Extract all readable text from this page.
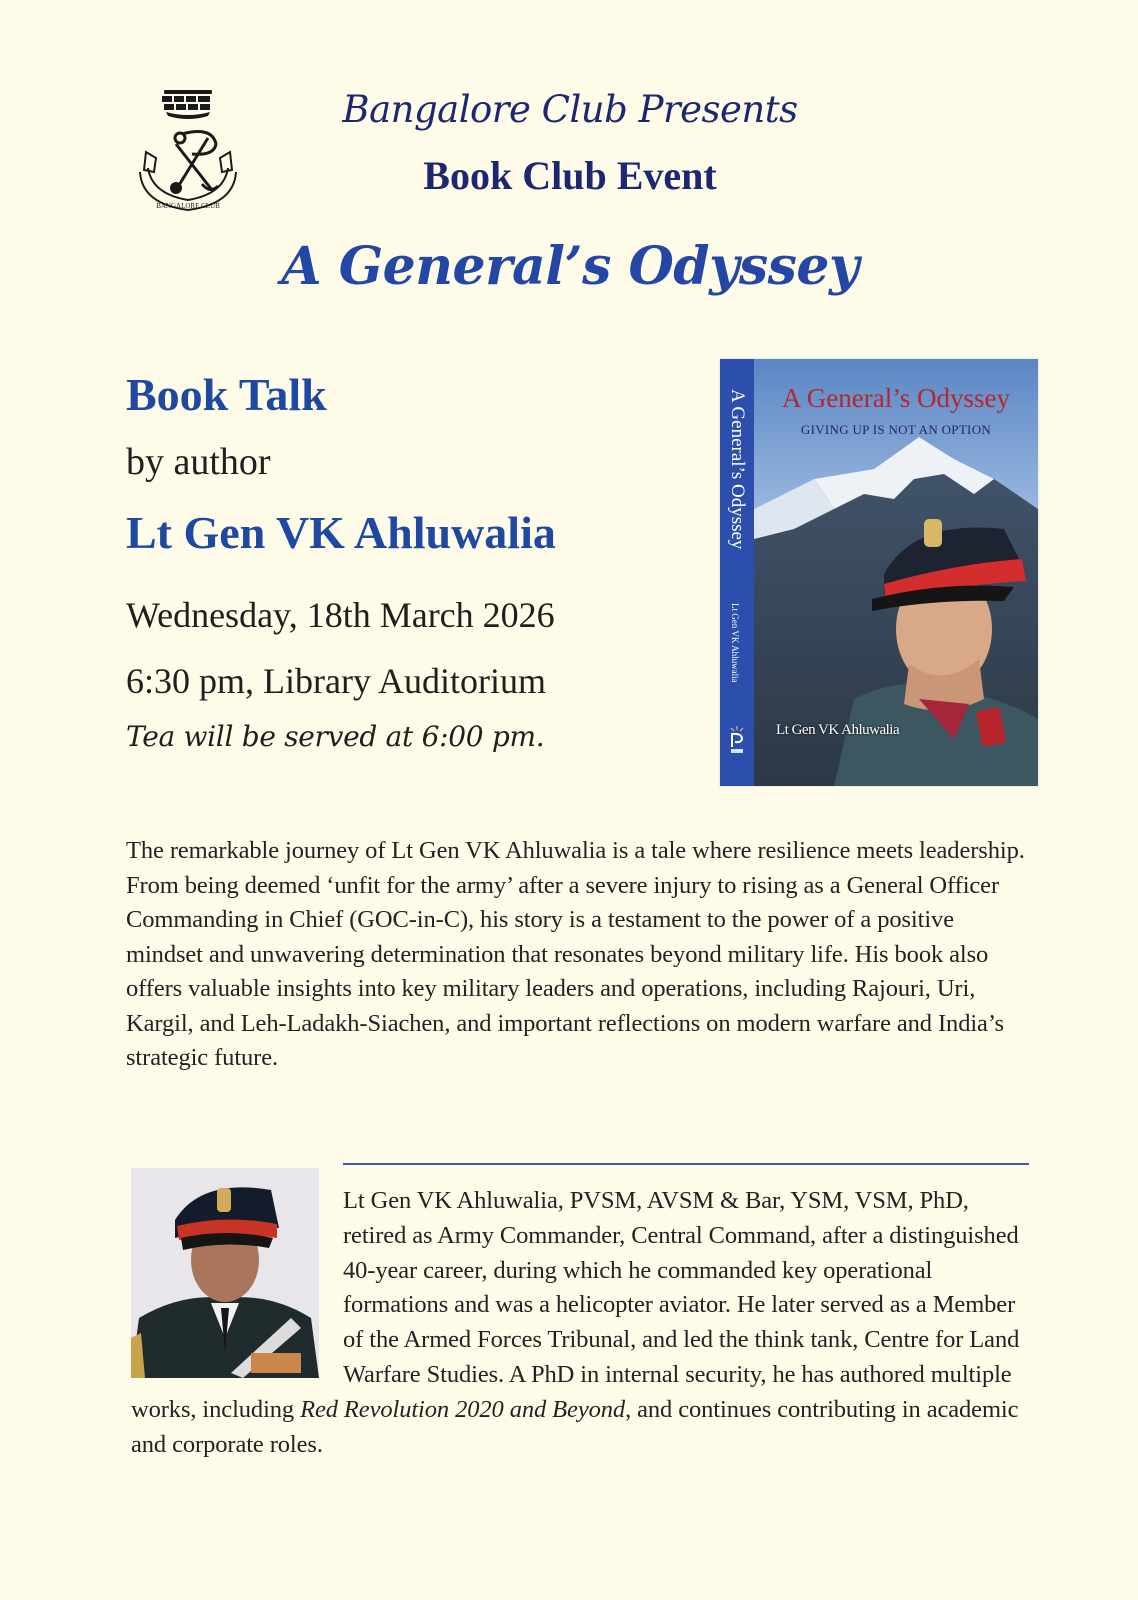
BANGALORE CLUB
Bangalore Club Presents
Book Club Event
A General’s Odyssey
Book Talk
by author
Lt Gen VK Ahluwalia
Wednesday, 18th March 2026
6:30 pm, Library Auditorium
Tea will be served at 6:00 pm.
A General’s Odyssey
Lt Gen VK Ahluwalia
A General’s Odyssey
GIVING UP IS NOT AN OPTION
Lt Gen VK Ahluwalia
The remarkable journey of Lt Gen VK Ahluwalia is a tale where resilience meets leadership. From being deemed ‘unfit for the army’ after a severe injury to rising as a General Officer Commanding in Chief (GOC-in-C), his story is a testament to the power of a positive mindset and unwavering determination that resonates beyond military life. His book also offers valuable insights into key military leaders and operations, including Rajouri, Uri, Kargil, and Leh-Ladakh-Siachen, and important reflections on modern warfare and India’s strategic future.
Lt Gen VK Ahluwalia, PVSM, AVSM & Bar, YSM, VSM, PhD, retired as Army Commander, Central Command, after a distinguished 40-year career, during which he commanded key operational formations and was a helicopter aviator. He later served as a Member of the Armed Forces Tribunal, and led the think tank, Centre for Land Warfare Studies. A PhD in internal security, he has authored multiple works, including Red Revolution 2020 and Beyond, and continues contributing in academic and corporate roles.
